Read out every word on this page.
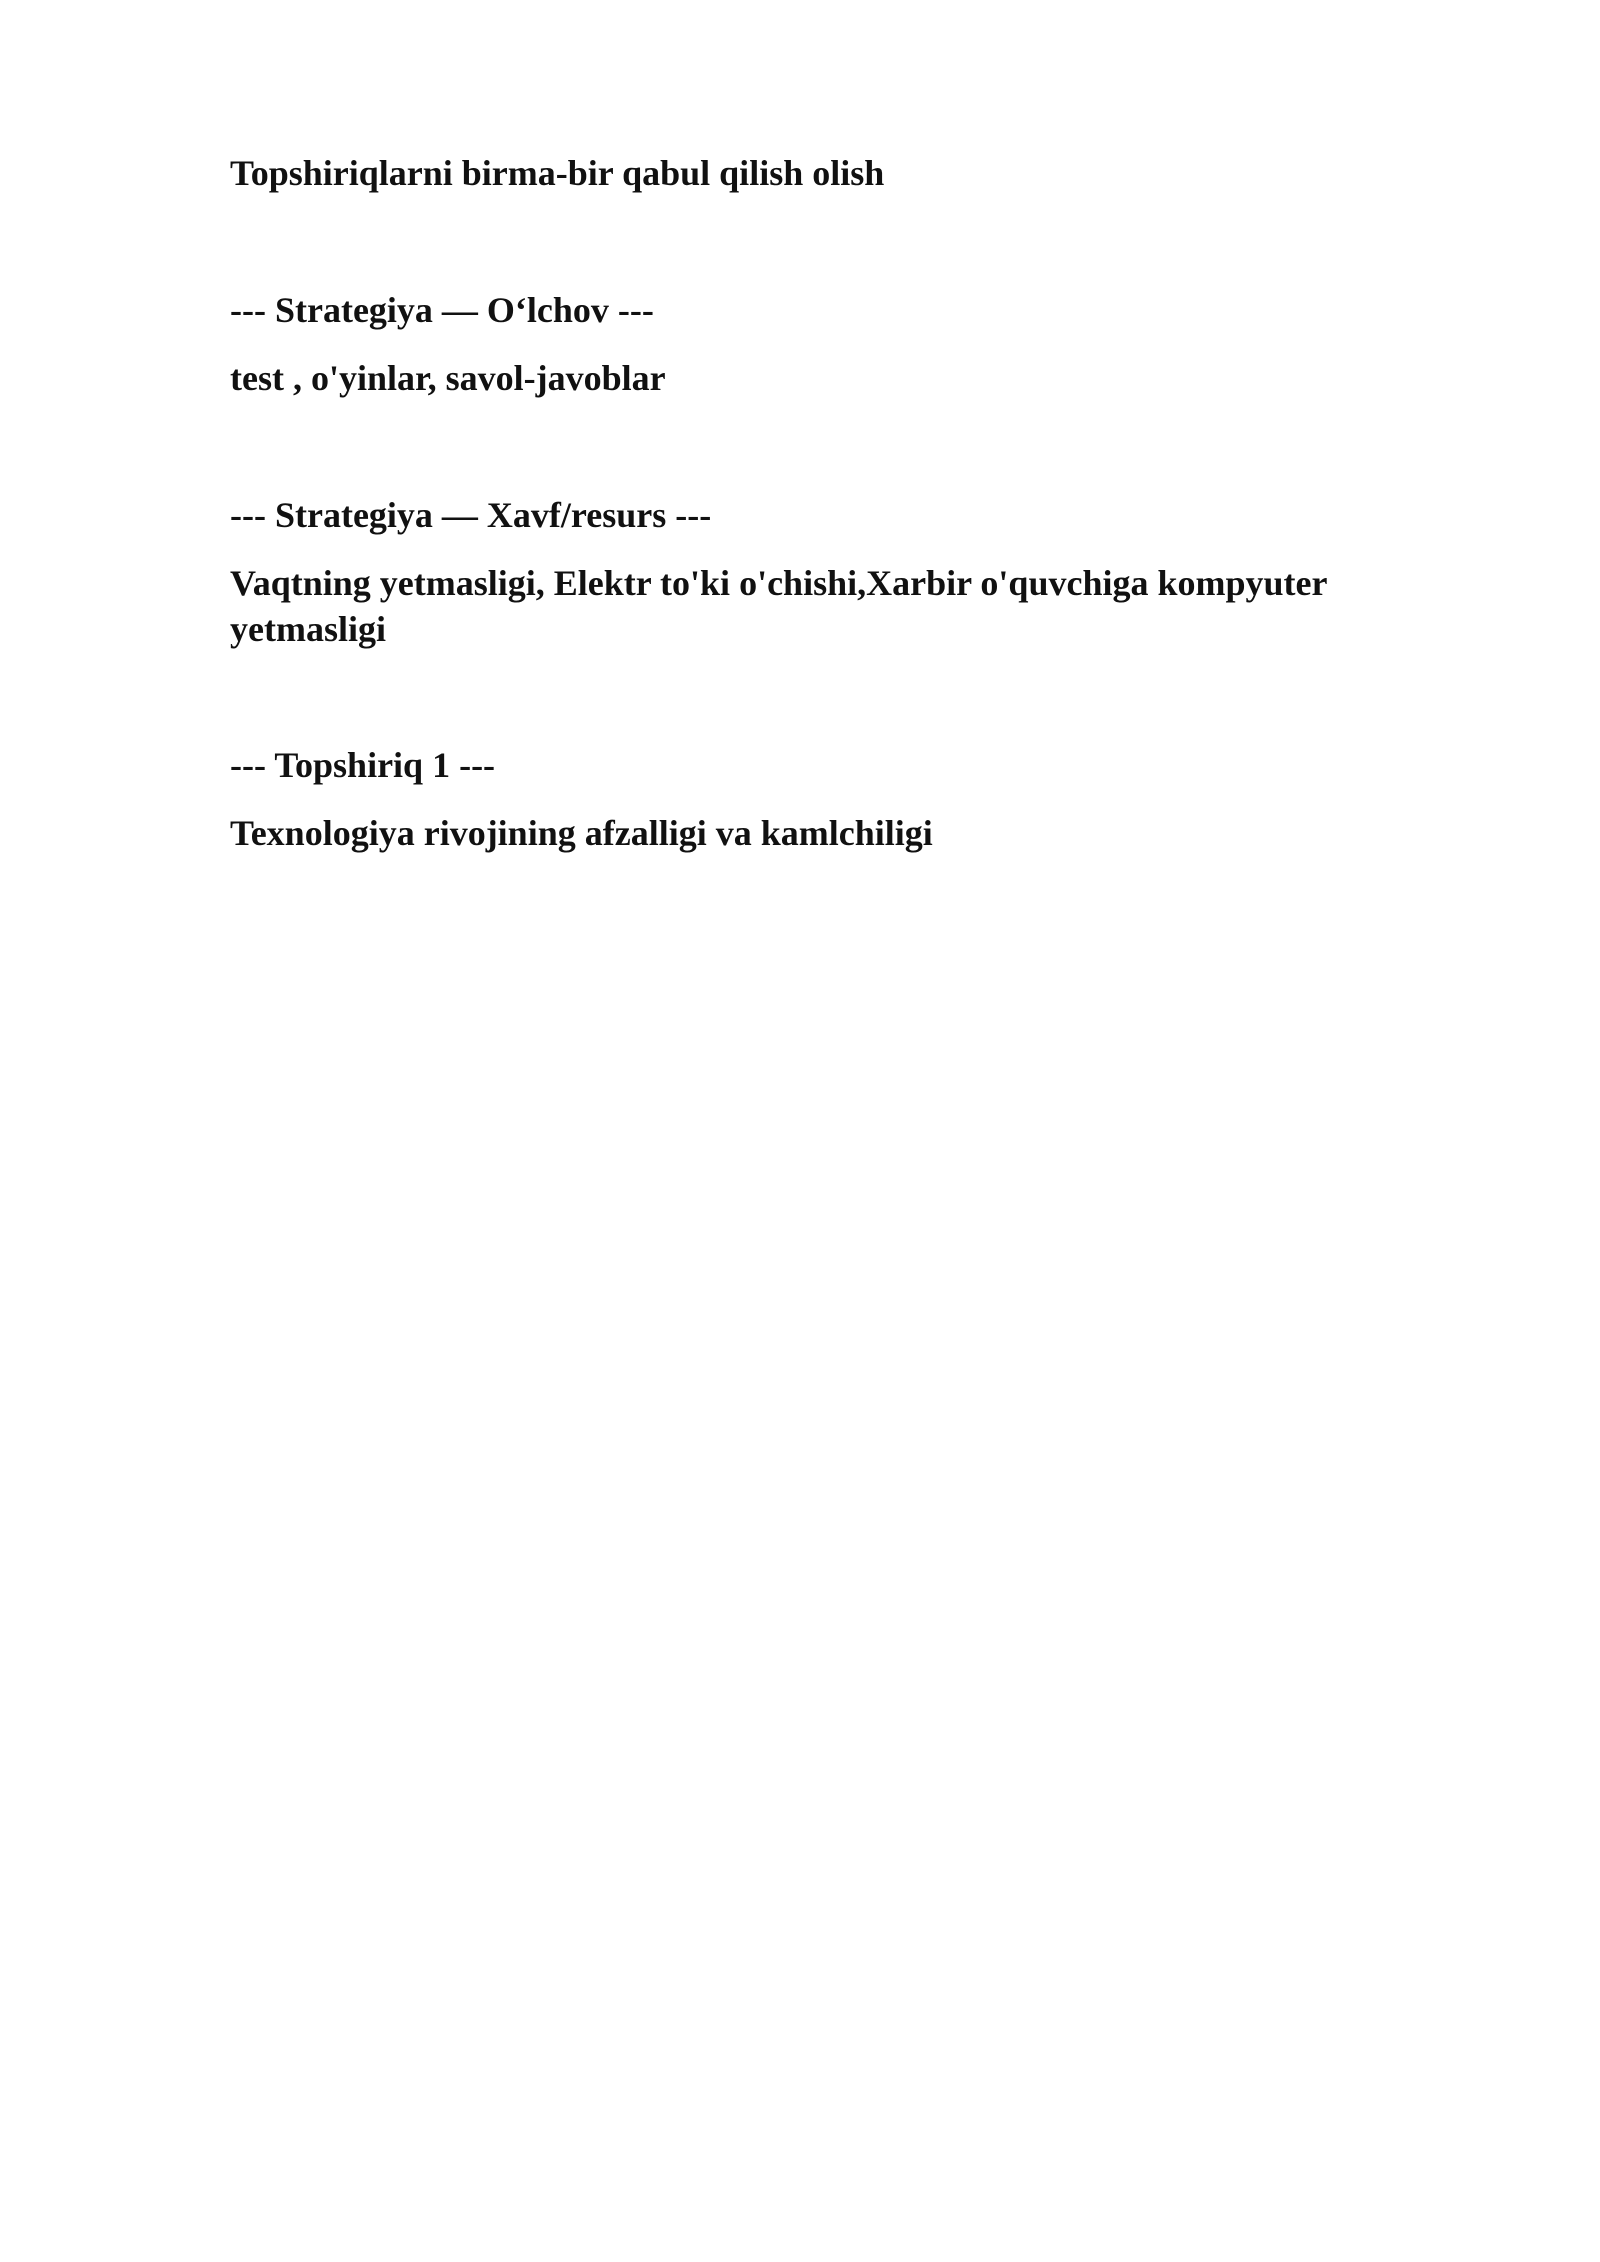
Topshiriqlarni birma-bir qabul qilish olish

--- Strategiya — O‘lchov ---

test , o'yinlar, savol-javoblar

--- Strategiya — Xavf/resurs ---

Vaqtning yetmasligi, Elektr to'ki o'chishi,Xarbir o'quvchiga kompyuter yetmasligi

--- Topshiriq 1 ---

Texnologiya rivojining afzalligi va kamlchiligi
